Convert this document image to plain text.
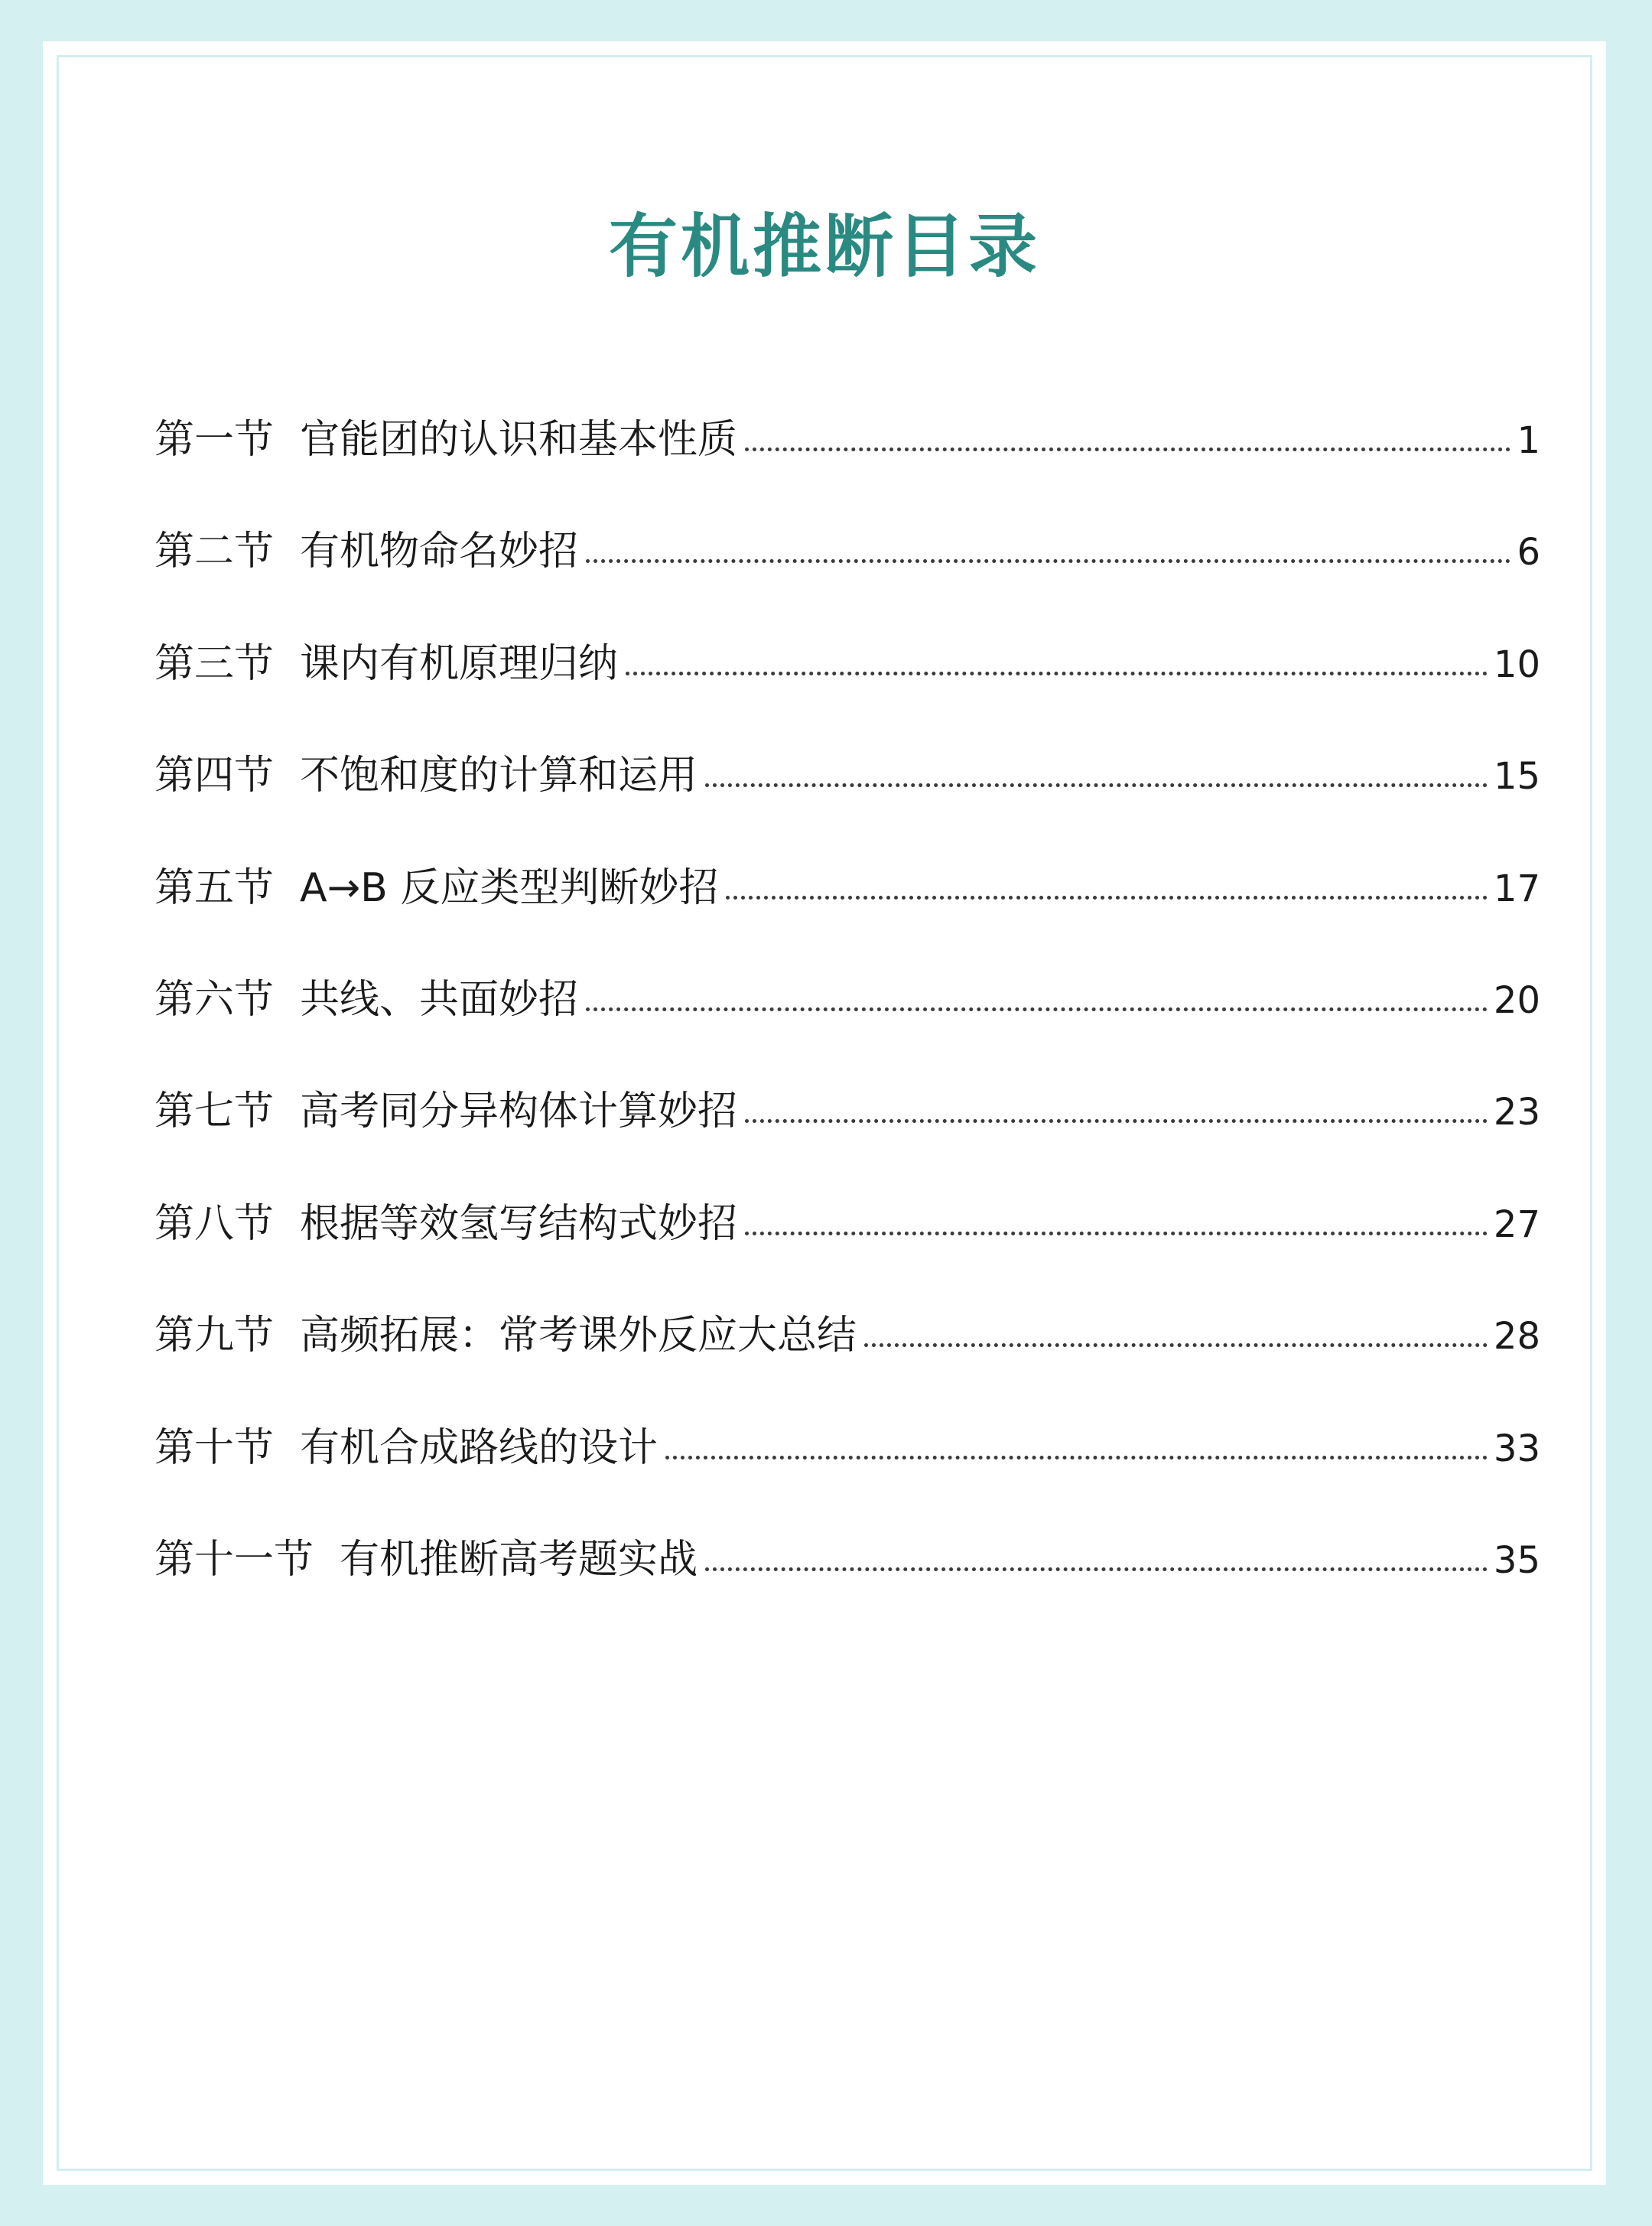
有机推断目录
第一节 官能团的认识和基本性质	1
第二节 有机物命名妙招	6
第三节 课内有机原理归纳	10
第四节 不饱和度的计算和运用	15
第五节 A→B 反应类型判断妙招	17
第六节 共线、共面妙招	20
第七节 高考同分异构体计算妙招	23
第八节 根据等效氢写结构式妙招	27
第九节 高频拓展：常考课外反应大总结	28
第十节 有机合成路线的设计	33
第十一节 有机推断高考题实战	35
